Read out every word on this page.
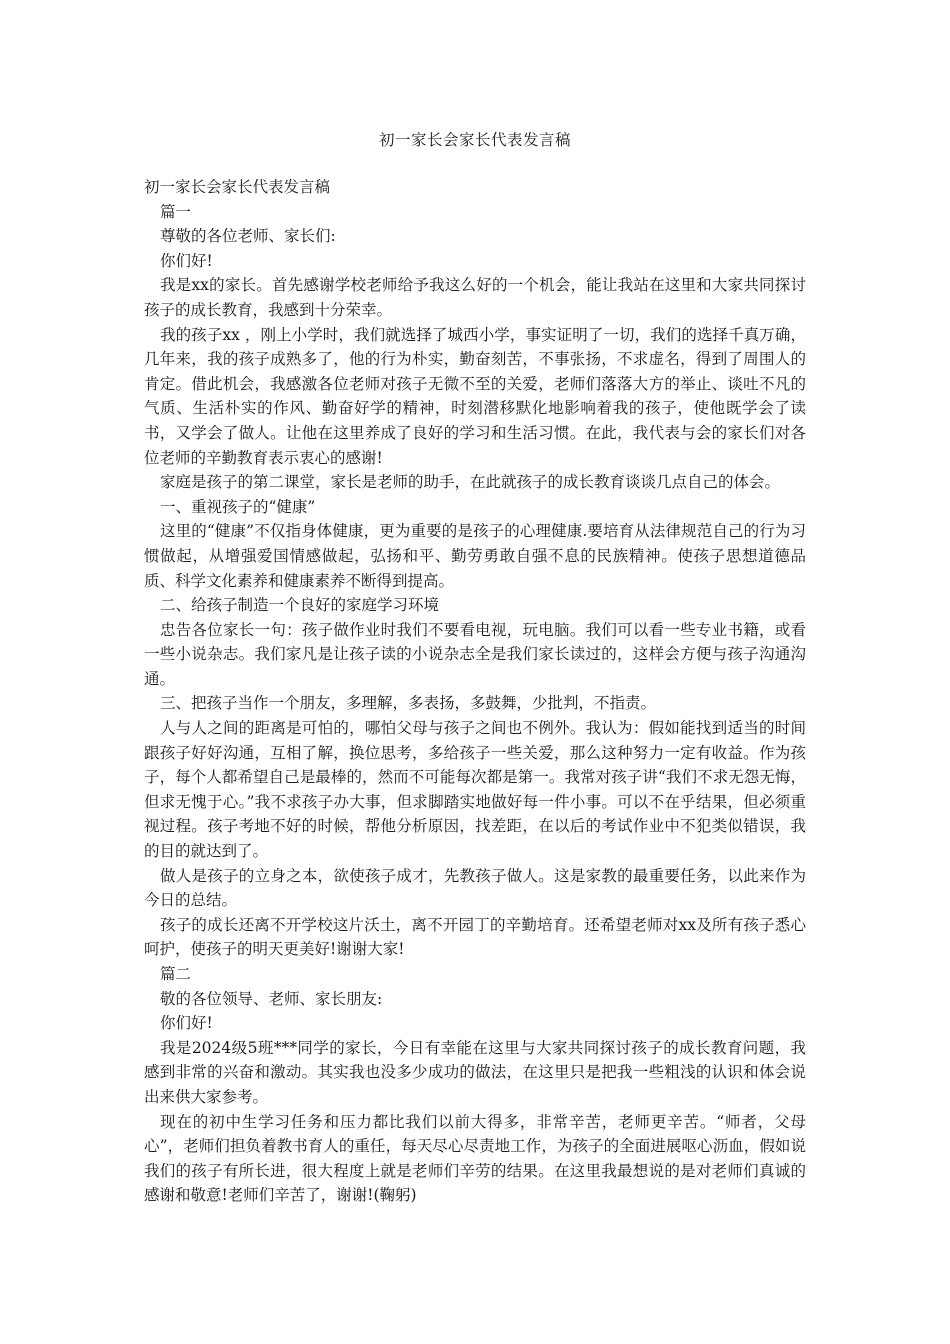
初一家长会家长代表发言稿

初一家长会家长代表发言稿

篇一

尊敬的各位老师、家长们:

你们好!

我是xx的家长。首先感谢学校老师给予我这么好的一个机会，能让我站在这里和大家共同探讨孩子的成长教育，我感到十分荣幸。

我的孩子xx ，刚上小学时，我们就选择了城西小学，事实证明了一切，我们的选择千真万确，几年来，我的孩子成熟多了，他的行为朴实，勤奋刻苦，不事张扬，不求虚名，得到了周围人的肯定。借此机会，我感激各位老师对孩子无微不至的关爱，老师们落落大方的举止、谈吐不凡的气质、生活朴实的作风、勤奋好学的精神，时刻潜移默化地影响着我的孩子，使他既学会了读书，又学会了做人。让他在这里养成了良好的学习和生活习惯。在此，我代表与会的家长们对各位老师的辛勤教育表示衷心的感谢!

家庭是孩子的第二课堂，家长是老师的助手，在此就孩子的成长教育谈谈几点自己的体会。

一、重视孩子的“健康”

这里的“健康”不仅指身体健康，更为重要的是孩子的心理健康.要培育从法律规范自己的行为习惯做起，从增强爱国情感做起，弘扬和平、勤劳勇敢自强不息的民族精神。使孩子思想道德品质、科学文化素养和健康素养不断得到提高。

二、给孩子制造一个良好的家庭学习环境

忠告各位家长一句：孩子做作业时我们不要看电视，玩电脑。我们可以看一些专业书籍，或看一些小说杂志。我们家凡是让孩子读的小说杂志全是我们家长读过的，这样会方便与孩子沟通沟通。

三、把孩子当作一个朋友，多理解，多表扬，多鼓舞，少批判，不指责。

人与人之间的距离是可怕的，哪怕父母与孩子之间也不例外。我认为：假如能找到适当的时间跟孩子好好沟通，互相了解，换位思考，多给孩子一些关爱，那么这种努力一定有收益。作为孩子，每个人都希望自己是最棒的，然而不可能每次都是第一。我常对孩子讲“我们不求无怨无悔，但求无愧于心。”我不求孩子办大事，但求脚踏实地做好每一件小事。可以不在乎结果，但必须重视过程。孩子考地不好的时候，帮他分析原因，找差距，在以后的考试作业中不犯类似错误，我的目的就达到了。

做人是孩子的立身之本，欲使孩子成才，先教孩子做人。这是家教的最重要任务，以此来作为今日的总结。

孩子的成长还离不开学校这片沃土，离不开园丁的辛勤培育。还希望老师对xx及所有孩子悉心呵护，使孩子的明天更美好!谢谢大家!

篇二

敬的各位领导、老师、家长朋友:

你们好!

我是2024级5班***同学的家长，今日有幸能在这里与大家共同探讨孩子的成长教育问题，我感到非常的兴奋和激动。其实我也没多少成功的做法，在这里只是把我一些粗浅的认识和体会说出来供大家参考。

现在的初中生学习任务和压力都比我们以前大得多，非常辛苦，老师更辛苦。“师者，父母心”，老师们担负着教书育人的重任，每天尽心尽责地工作，为孩子的全面进展呕心沥血，假如说我们的孩子有所长进，很大程度上就是老师们辛劳的结果。在这里我最想说的是对老师们真诚的感谢和敬意!老师们辛苦了，谢谢!(鞠躬)
